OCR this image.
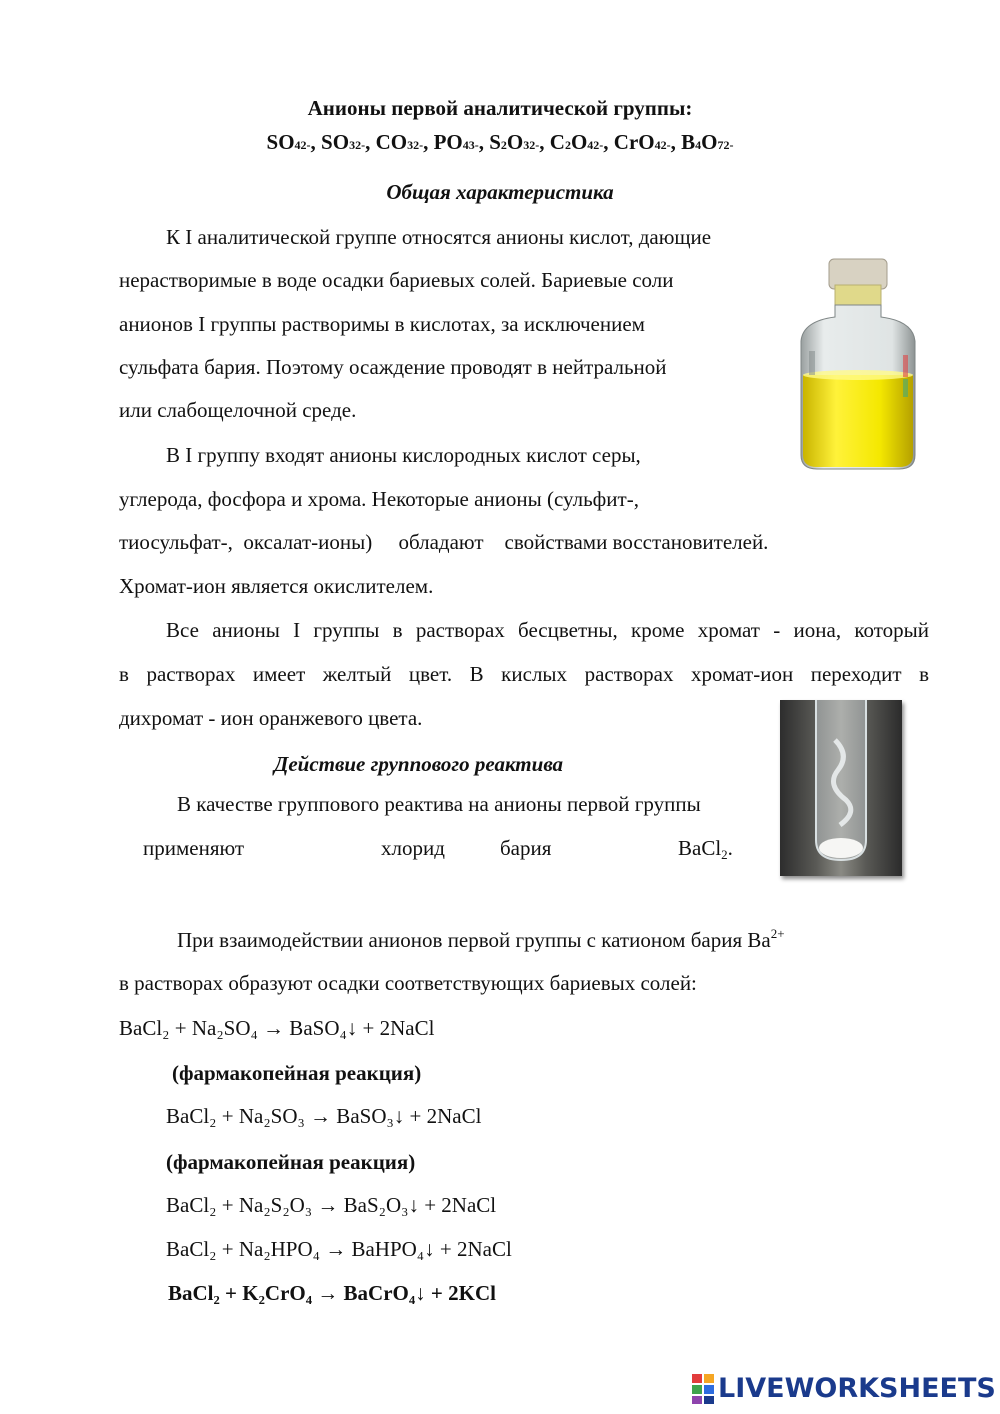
Анионы первой аналитической группы:
SO42-, SO32-, CO32-, PO43-, S2O32-, C2O42-, CrO42-, B4O72-
Общая характеристика
К I аналитической группе относятся анионы кислот, дающие
нерастворимые в воде осадки бариевых солей. Бариевые соли
анионов I группы растворимы в кислотах, за исключением
сульфата бария. Поэтому осаждение проводят в нейтральной
или слабощелочной среде.
В I группу входят анионы кислородных кислот серы,
углерода, фосфора и хрома. Некоторые анионы (сульфит-,
тиосульфат-,  оксалат-ионы)     обладают    свойствами восстановителей.
Хромат-ион является окислителем.
Все анионы I группы в растворах бесцветны, кроме хромат - иона, который
в растворах имеет желтый цвет. В кислых растворах хромат-ион переходит в
дихромат - ион оранжевого цвета.
Действие группового реактива
В качестве группового реактива на анионы первой группы
применяют	хлорид	бария	BaCl2.
При взаимодействии анионов первой группы с катионом бария $Ba^{2+}$
в растворах образуют осадки соответствующих бариевых солей:
BaCl₂ + Na₂SO₄ → BaSO₄↓ + 2NaCl
(фармакопейная реакция)
BaCl₂ + Na₂SO₃ → BaSO₃↓ + 2NaCl
(фармакопейная реакция)
BaCl₂ + Na₂S₂O₃ → BaS₂O₃↓ + 2NaCl
BaCl₂ + Na₂HPO₄ → BaHPO₄↓ + 2NaCl
BaCl₂ + K₂CrO₄ → BaCrO₄↓ + 2KCl
LIVEWORKSHEETS
